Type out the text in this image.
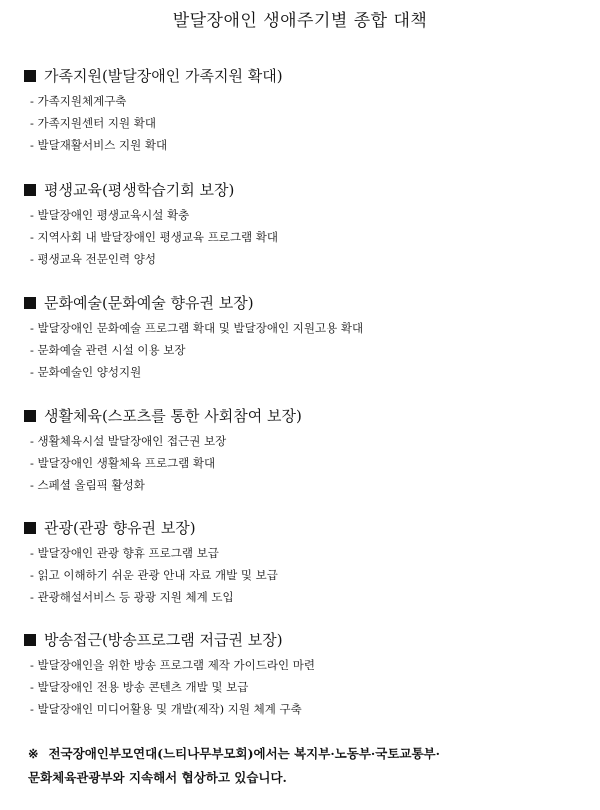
발달장애인 생애주기별 종합 대책
가족지원(발달장애인 가족지원 확대)
- 가족지원체계구축
- 가족지원센터 지원 확대
- 발달재활서비스 지원 확대
평생교육(평생학습기회 보장)
- 발달장애인 평생교육시설 확충
- 지역사회 내 발달장애인 평생교육 프로그램 확대
- 평생교육 전문인력 양성
문화예술(문화예술 향유권 보장)
- 발달장애인 문화예술 프로그램 확대 및 발달장애인 지원고용 확대
- 문화예술 관련 시설 이용 보장
- 문화예술인 양성지원
생활체육(스포츠를 통한 사회참여 보장)
- 생활체육시설 발달장애인 접근권 보장
- 발달장애인 생활체육 프로그램 확대
- 스페셜 올림픽 활성화
관광(관광 향유권 보장)
- 발달장애인 관광 향휴 프로그램 보급
- 읽고 이해하기 쉬운 관광 안내 자료 개발 및 보급
- 관광해설서비스 등 광광 지원 체계 도입
방송접근(방송프로그램 저급권 보장)
- 발달장애인을 위한 방송 프로그램 제작 가이드라인 마련
- 발달장애인 전용 방송 콘텐츠 개발 및 보급
- 발달장애인 미디어활용 및 개발(제작) 지원 체계 구축
※ 전국장애인부모연대(느티나무부모회)에서는 복지부·노동부·국토교통부·
문화체육관광부와 지속해서 협상하고 있습니다.
